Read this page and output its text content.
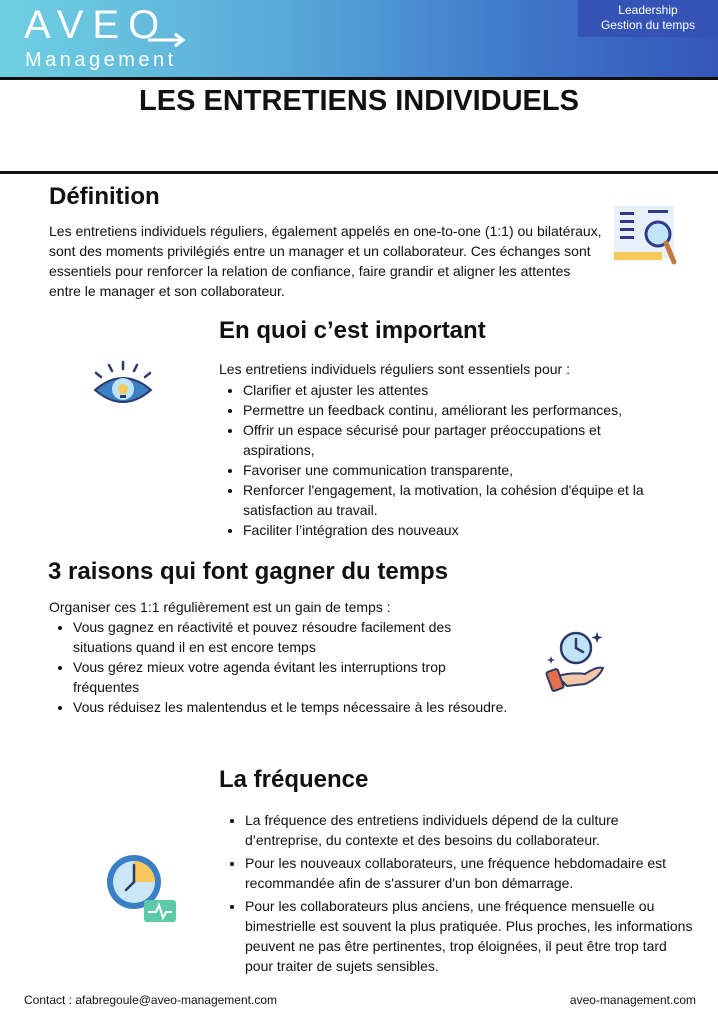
AVEO
Management
Leadership
Gestion du temps
LES ENTRETIENS INDIVIDUELS
Définition

Les entretiens individuels réguliers, également appelés en one-to-one (1:1) ou bilatéraux, sont des moments privilégiés entre un manager et un collaborateur. Ces échanges sont essentiels pour renforcer la relation de confiance, faire grandir et aligner les attentes entre le manager et son collaborateur.

En quoi c’est important

Les entretiens individuels réguliers sont essentiels pour :

• Clarifier et ajuster les attentes
• Permettre un feedback continu, améliorant les performances,
• Offrir un espace sécurisé pour partager préoccupations et aspirations,
• Favoriser une communication transparente,
• Renforcer l'engagement, la motivation, la cohésion d'équipe et la satisfaction au travail.
• Faciliter l’intégration des nouveaux
3 raisons qui font gagner du temps

Organiser ces 1:1 régulièrement est un gain de temps :

• Vous gagnez en réactivité et pouvez résoudre facilement des situations quand il en est encore temps
• Vous gérez mieux votre agenda évitant les interruptions trop fréquentes
• Vous réduisez les malentendus et le temps nécessaire à les résoudre.
La fréquence
• La fréquence des entretiens individuels dépend de la culture d’entreprise, du contexte et des besoins du collaborateur.
• Pour les nouveaux collaborateurs, une fréquence hebdomadaire est recommandée afin de s'assurer d'un bon démarrage.
• Pour les collaborateurs plus anciens, une fréquence mensuelle ou bimestrielle est souvent la plus pratiquée. Plus proches, les informations peuvent ne pas être pertinentes, trop éloignées, il peut être trop tard pour traiter de sujets sensibles.
Contact : afabregoule@aveo-management.com	aveo-management.com
